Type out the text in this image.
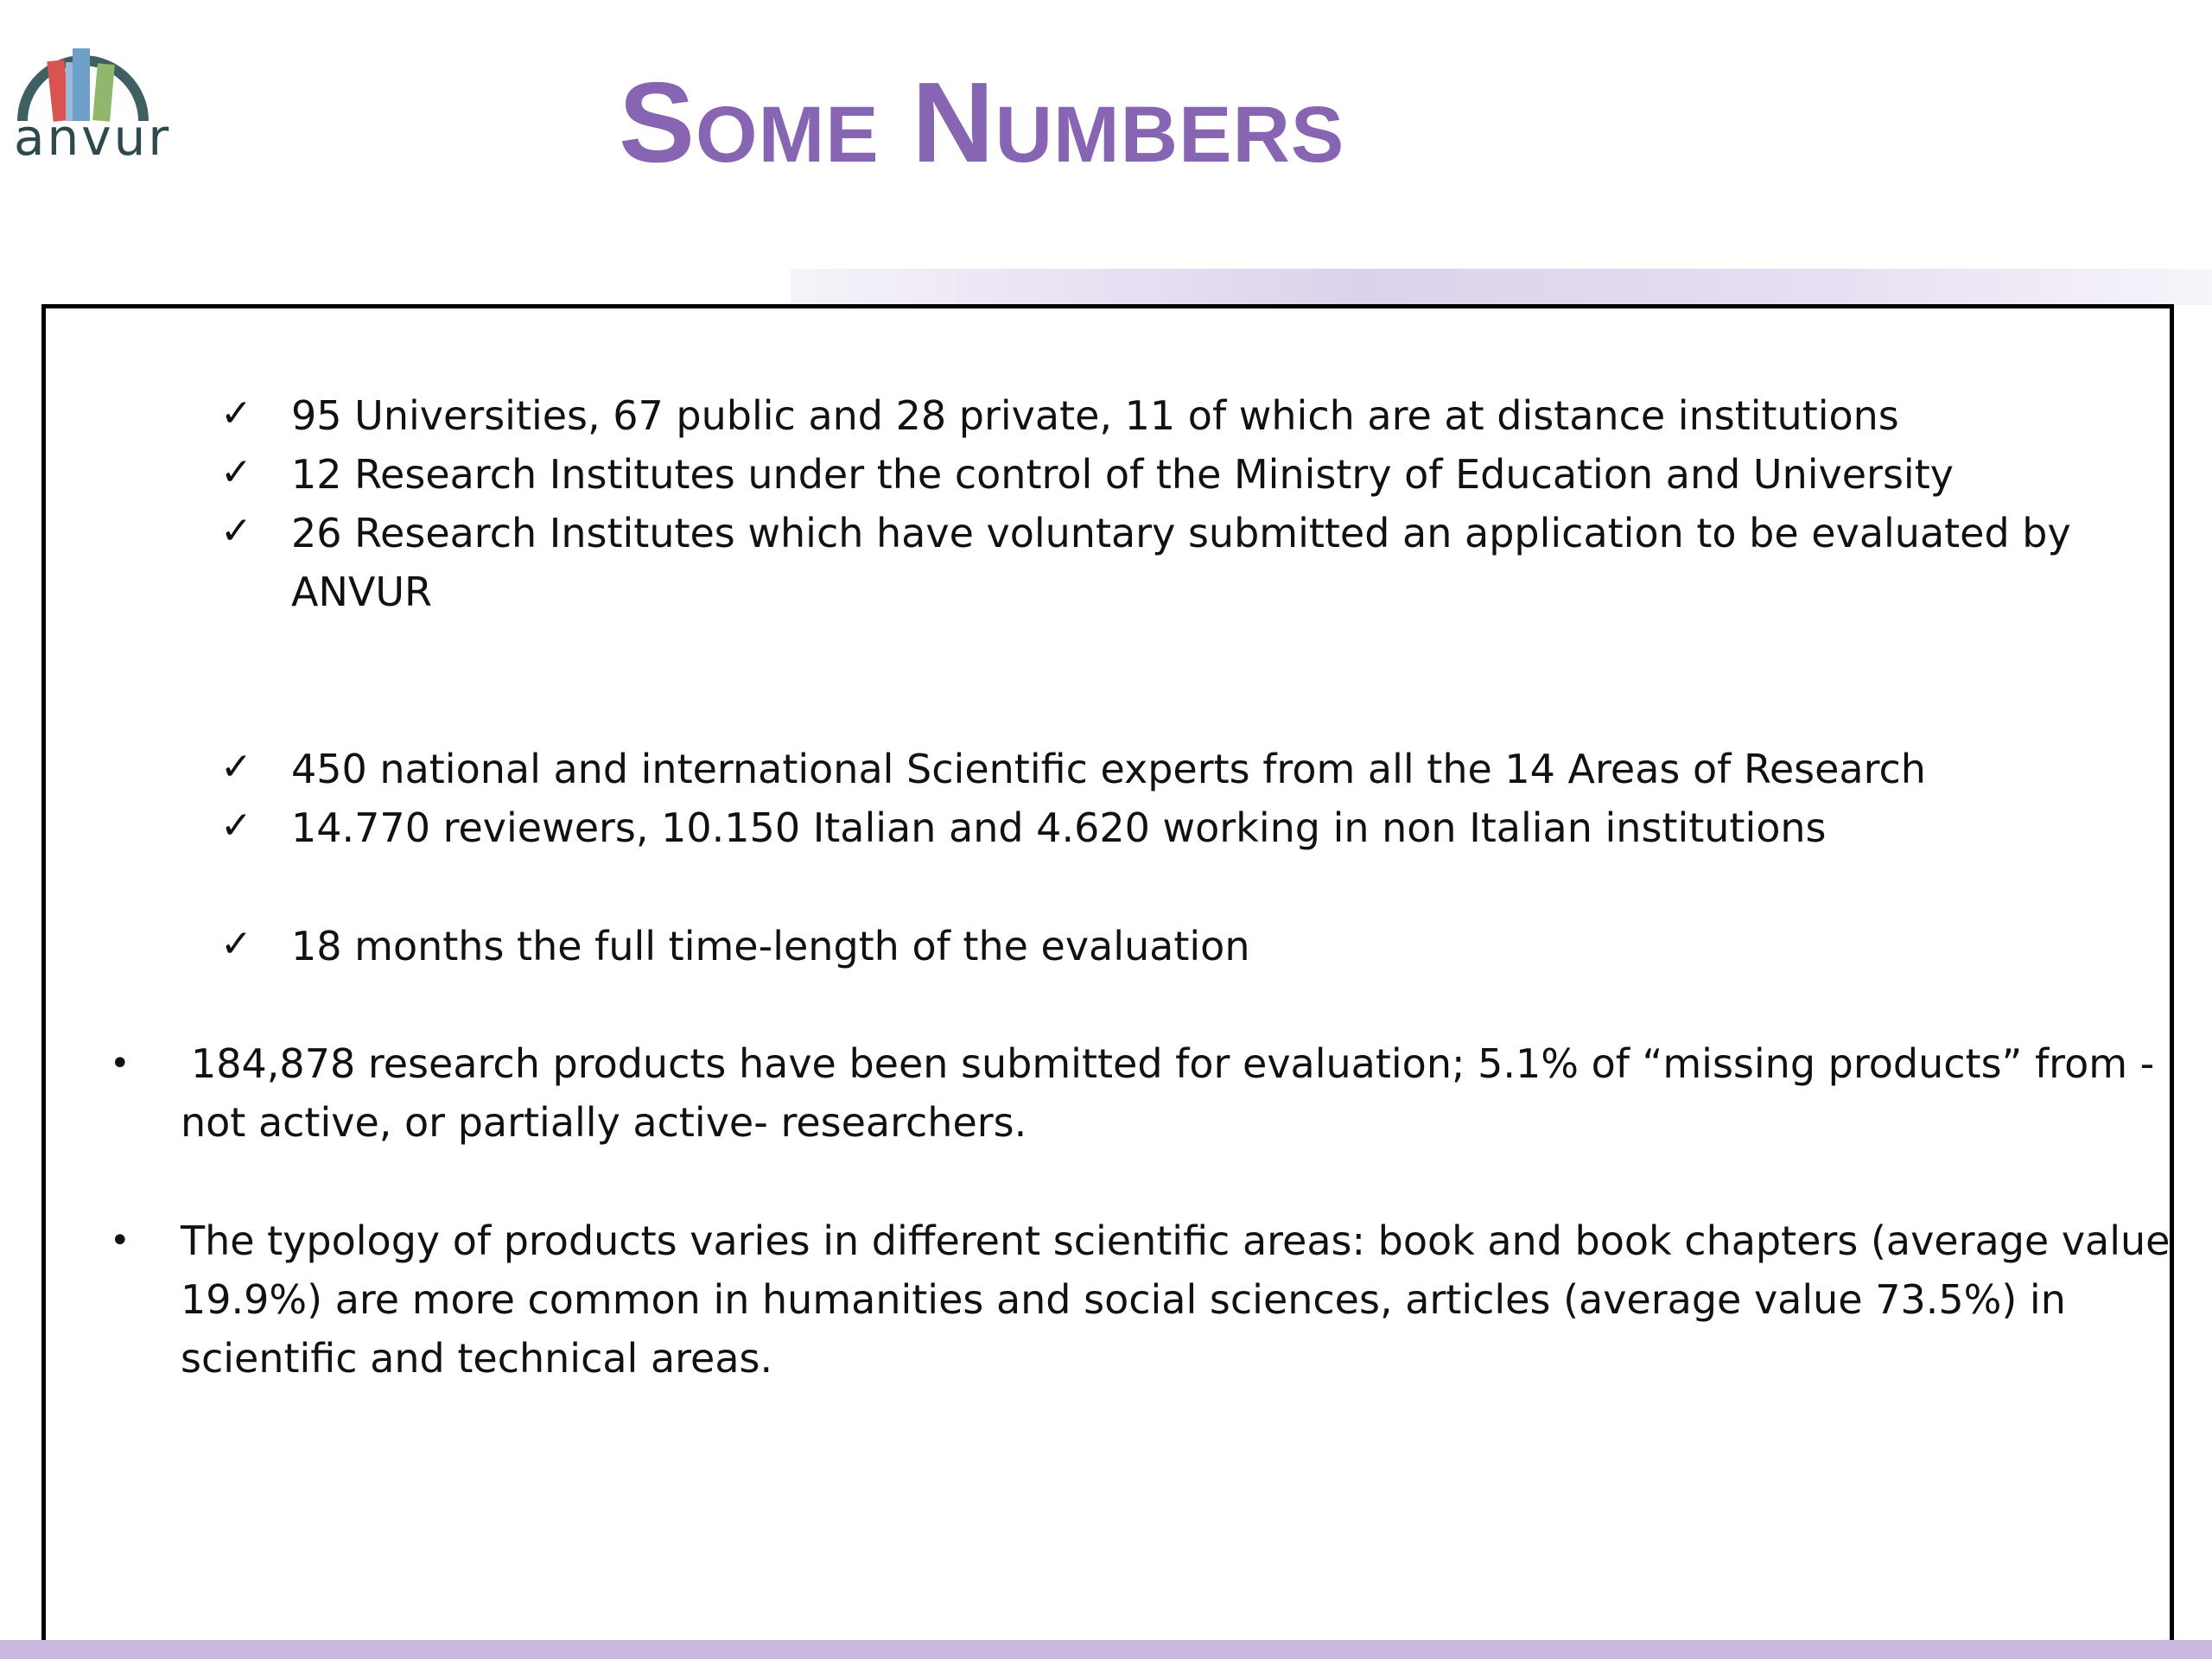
anvur	Some Numbers
✓ 95 Universities, 67 public and 28 private, 11 of which are at distance institutions
✓ 12 Research Institutes under the control of the Ministry of Education and University
✓ 26 Research Institutes which have voluntary submitted an application to be evaluated by
ANVUR
✓ 450 national and international Scientific experts from all the 14 Areas of Research
✓ 14.770 reviewers, 10.150 Italian and 4.620 working in non Italian institutions
✓ 18 months the full time-length of the evaluation
• 184,878 research products have been submitted for evaluation; 5.1% of “missing products” from -
not active, or partially active- researchers.
• The typology of products varies in different scientific areas: book and book chapters (average value
19.9%) are more common in humanities and social sciences, articles (average value 73.5%) in
scientific and technical areas.
